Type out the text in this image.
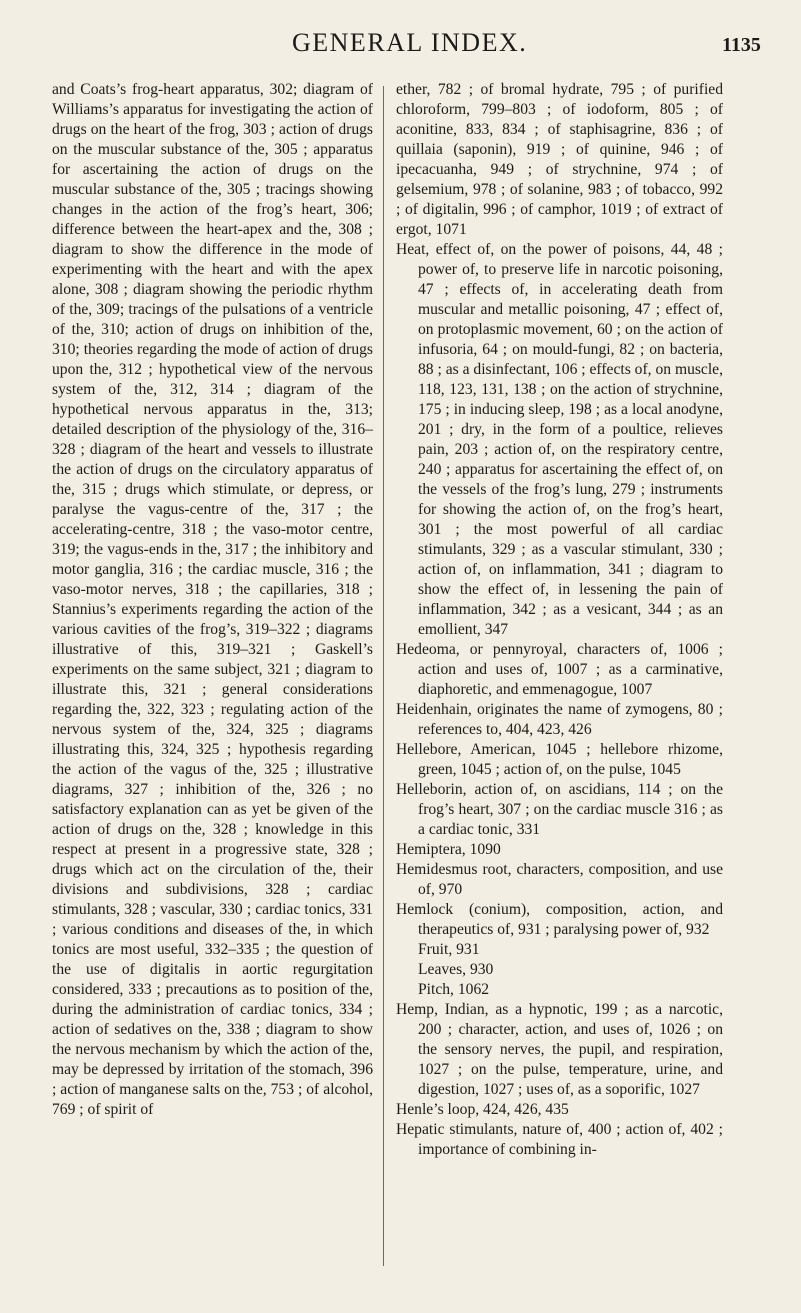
GENERAL INDEX.	1135

and Coats’s frog-heart apparatus, 302; diagram of Williams’s apparatus for investigating the action of drugs on the heart of the frog, 303 ; action of drugs on the muscular substance of the, 305 ; apparatus for ascertaining the action of drugs on the muscular substance of the, 305 ; tracings showing changes in the action of the frog’s heart, 306; difference between the heart-apex and the, 308 ; diagram to show the difference in the mode of experimenting with the heart and with the apex alone, 308 ; diagram showing the periodic rhythm of the, 309; tracings of the pulsations of a ventricle of the, 310; action of drugs on inhibition of the, 310; theories regarding the mode of action of drugs upon the, 312 ; hypothetical view of the nervous system of the, 312, 314 ; diagram of the hypothetical nervous apparatus in the, 313; detailed description of the physiology of the, 316–328 ; diagram of the heart and vessels to illustrate the action of drugs on the circulatory apparatus of the, 315 ; drugs which stimulate, or depress, or paralyse the vagus-centre of the, 317 ; the accelerating-centre, 318 ; the vaso-motor centre, 319; the vagus-ends in the, 317 ; the inhibitory and motor ganglia, 316 ; the cardiac muscle, 316 ; the vaso-motor nerves, 318 ; the capillaries, 318 ; Stannius’s experiments regarding the action of the various cavities of the frog’s, 319–322 ; diagrams illustrative of this, 319–321 ; Gaskell’s experiments on the same subject, 321 ; diagram to illustrate this, 321 ; general considerations regarding the, 322, 323 ; regulating action of the nervous system of the, 324, 325 ; diagrams illustrating this, 324, 325 ; hypothesis regarding the action of the vagus of the, 325 ; illustrative diagrams, 327 ; inhibition of the, 326 ; no satisfactory explanation can as yet be given of the action of drugs on the, 328 ; knowledge in this respect at present in a progressive state, 328 ; drugs which act on the circulation of the, their divisions and subdivisions, 328 ; cardiac stimulants, 328 ; vascular, 330 ; cardiac tonics, 331 ; various conditions and diseases of the, in which tonics are most useful, 332–335 ; the question of the use of digitalis in aortic regurgitation considered, 333 ; precautions as to position of the, during the administration of cardiac tonics, 334 ; action of sedatives on the, 338 ; diagram to show the nervous mechanism by which the action of the, may be depressed by irritation of the stomach, 396 ; action of manganese salts on the, 753 ; of alcohol, 769 ; of spirit of

ether, 782 ; of bromal hydrate, 795 ; of purified chloroform, 799–803 ; of iodoform, 805 ; of aconitine, 833, 834 ; of staphisagrine, 836 ; of quillaia (saponin), 919 ; of quinine, 946 ; of ipecacuanha, 949 ; of strychnine, 974 ; of gelsemium, 978 ; of solanine, 983 ; of tobacco, 992 ; of digitalin, 996 ; of camphor, 1019 ; of extract of ergot, 1071

Heat, effect of, on the power of poisons, 44, 48 ; power of, to preserve life in narcotic poisoning, 47 ; effects of, in accelerating death from muscular and metallic poisoning, 47 ; effect of, on protoplasmic movement, 60 ; on the action of infusoria, 64 ; on mould-fungi, 82 ; on bacteria, 88 ; as a disinfectant, 106 ; effects of, on muscle, 118, 123, 131, 138 ; on the action of strychnine, 175 ; in inducing sleep, 198 ; as a local anodyne, 201 ; dry, in the form of a poultice, relieves pain, 203 ; action of, on the respiratory centre, 240 ; apparatus for ascertaining the effect of, on the vessels of the frog’s lung, 279 ; instruments for showing the action of, on the frog’s heart, 301 ; the most powerful of all cardiac stimulants, 329 ; as a vascular stimulant, 330 ; action of, on inflammation, 341 ; diagram to show the effect of, in lessening the pain of inflammation, 342 ; as a vesicant, 344 ; as an emollient, 347

Hedeoma, or pennyroyal, characters of, 1006 ; action and uses of, 1007 ; as a carminative, diaphoretic, and emmenagogue, 1007

Heidenhain, originates the name of zymogens, 80 ; references to, 404, 423, 426

Hellebore, American, 1045 ; hellebore rhizome, green, 1045 ; action of, on the pulse, 1045

Helleborin, action of, on ascidians, 114 ; on the frog’s heart, 307 ; on the cardiac muscle 316 ; as a cardiac tonic, 331

Hemiptera, 1090

Hemidesmus root, characters, composition, and use of, 970

Hemlock (conium), composition, action, and therapeutics of, 931 ; paralysing power of, 932

Fruit, 931

Leaves, 930

Pitch, 1062

Hemp, Indian, as a hypnotic, 199 ; as a narcotic, 200 ; character, action, and uses of, 1026 ; on the sensory nerves, the pupil, and respiration, 1027 ; on the pulse, temperature, urine, and digestion, 1027 ; uses of, as a soporific, 1027

Henle’s loop, 424, 426, 435

Hepatic stimulants, nature of, 400 ; action of, 402 ; importance of combining in-
